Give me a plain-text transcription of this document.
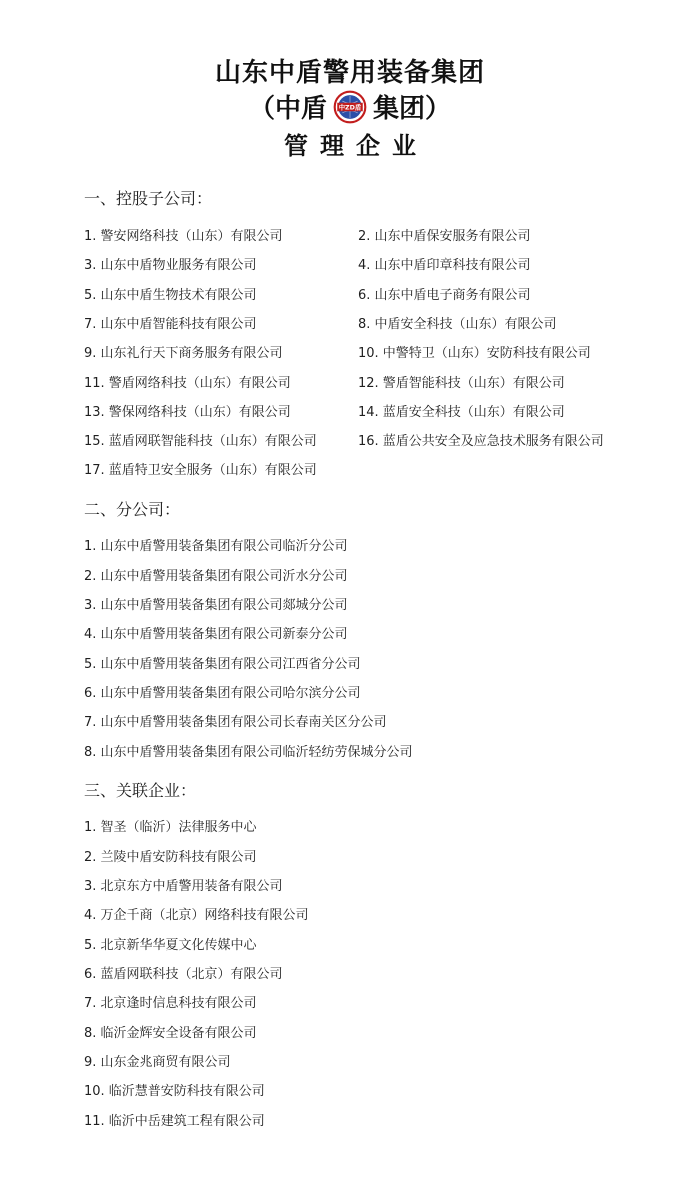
山东中盾警用装备集团
（中盾 中ZD盾 集团）
管理企业
一、控股子公司：
1. 警安网络科技（山东）有限公司	2. 山东中盾保安服务有限公司
3. 山东中盾物业服务有限公司	4. 山东中盾印章科技有限公司
5. 山东中盾生物技术有限公司	6. 山东中盾电子商务有限公司
7. 山东中盾智能科技有限公司	8. 中盾安全科技（山东）有限公司
9. 山东礼行天下商务服务有限公司	10. 中警特卫（山东）安防科技有限公司
11. 警盾网络科技（山东）有限公司	12. 警盾智能科技（山东）有限公司
13. 警保网络科技（山东）有限公司	14. 蓝盾安全科技（山东）有限公司
15. 蓝盾网联智能科技（山东）有限公司	16. 蓝盾公共安全及应急技术服务有限公司
17. 蓝盾特卫安全服务（山东）有限公司
二、分公司：
1. 山东中盾警用装备集团有限公司临沂分公司
2. 山东中盾警用装备集团有限公司沂水分公司
3. 山东中盾警用装备集团有限公司郯城分公司
4. 山东中盾警用装备集团有限公司新泰分公司
5. 山东中盾警用装备集团有限公司江西省分公司
6. 山东中盾警用装备集团有限公司哈尔滨分公司
7. 山东中盾警用装备集团有限公司长春南关区分公司
8. 山东中盾警用装备集团有限公司临沂轻纺劳保城分公司
三、关联企业：
1. 智圣（临沂）法律服务中心
2. 兰陵中盾安防科技有限公司
3. 北京东方中盾警用装备有限公司
4. 万企千商（北京）网络科技有限公司
5. 北京新华华夏文化传媒中心
6. 蓝盾网联科技（北京）有限公司
7. 北京逢时信息科技有限公司
8. 临沂金辉安全设备有限公司
9. 山东金兆商贸有限公司
10. 临沂慧普安防科技有限公司
11. 临沂中岳建筑工程有限公司
